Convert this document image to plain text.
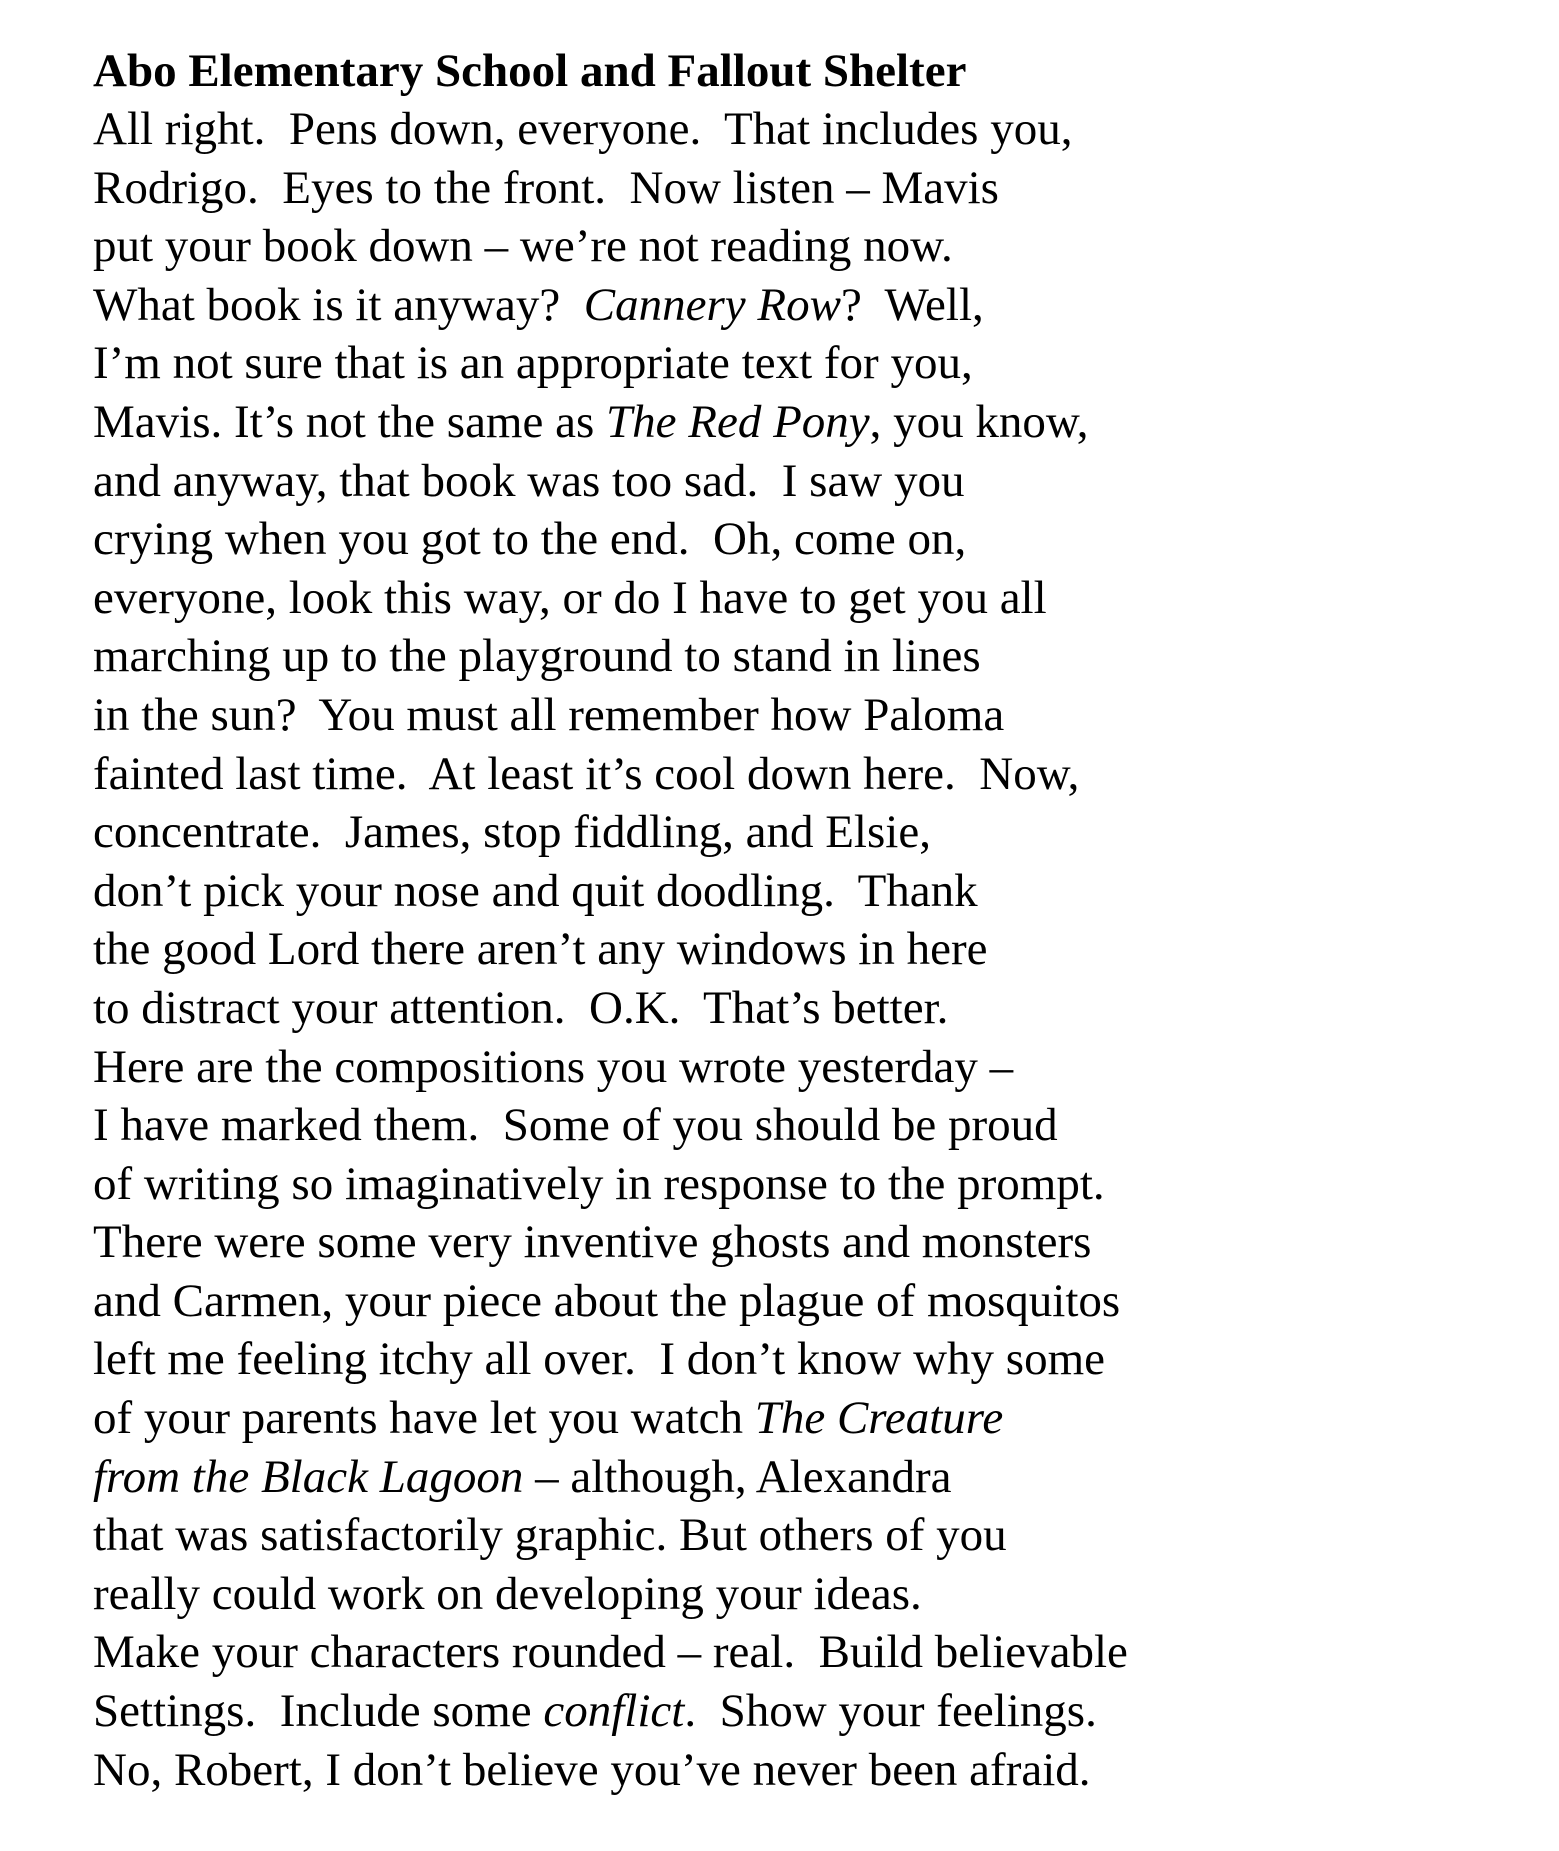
Abo Elementary School and Fallout Shelter
All right.  Pens down, everyone.  That includes you,
Rodrigo.  Eyes to the front.  Now listen – Mavis
put your book down – we’re not reading now.
What book is it anyway?  Cannery Row?  Well,
I’m not sure that is an appropriate text for you,
Mavis. It’s not the same as The Red Pony, you know,
and anyway, that book was too sad.  I saw you
crying when you got to the end.  Oh, come on,
everyone, look this way, or do I have to get you all
marching up to the playground to stand in lines
in the sun?  You must all remember how Paloma
fainted last time.  At least it’s cool down here.  Now,
concentrate.  James, stop fiddling, and Elsie,
don’t pick your nose and quit doodling.  Thank
the good Lord there aren’t any windows in here
to distract your attention.  O.K.  That’s better.
Here are the compositions you wrote yesterday –
I have marked them.  Some of you should be proud
of writing so imaginatively in response to the prompt.
There were some very inventive ghosts and monsters
and Carmen, your piece about the plague of mosquitos
left me feeling itchy all over.  I don’t know why some
of your parents have let you watch The Creature
from the Black Lagoon – although, Alexandra
that was satisfactorily graphic. But others of you
really could work on developing your ideas.
Make your characters rounded – real.  Build believable
Settings.  Include some conflict.  Show your feelings.
No, Robert, I don’t believe you’ve never been afraid.
